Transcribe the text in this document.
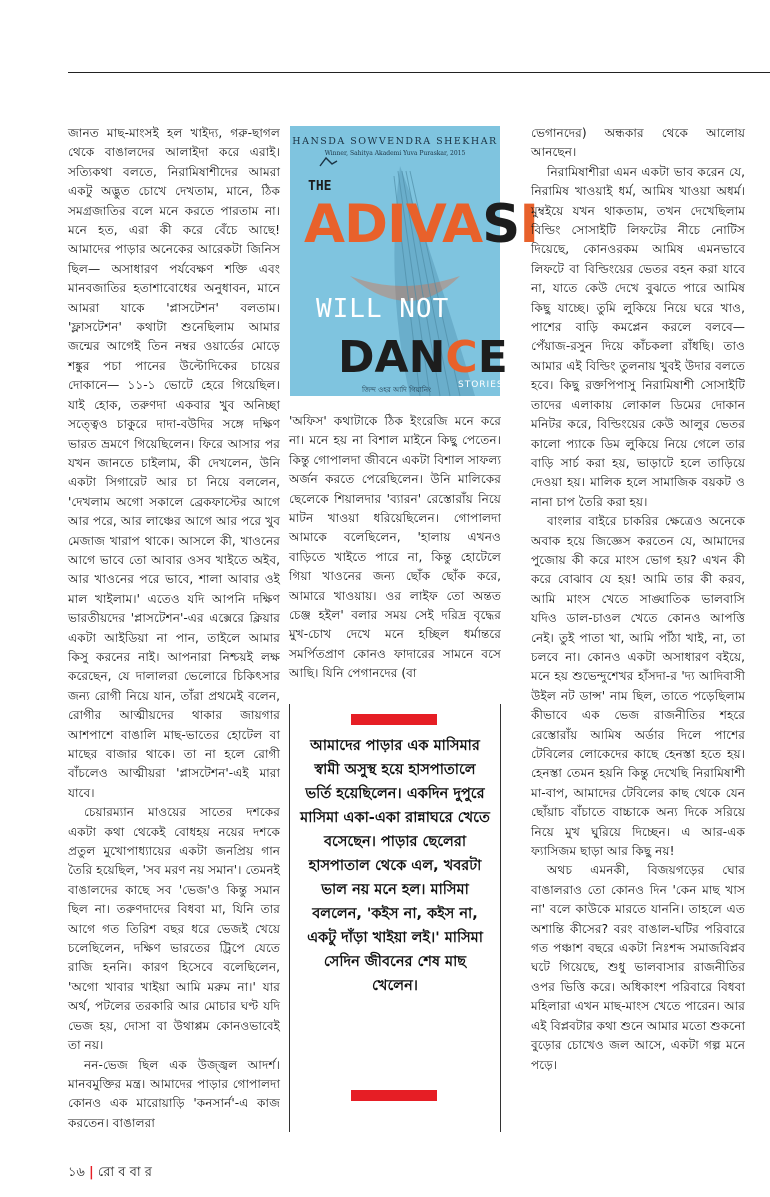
জানত মাছ-মাংসই হল খাইদ্য, গরু-ছাগল থেকে বাঙালদের আলাইদা করে এরাই। সত্যিকথা বলতে, নিরামিষাশীদের আমরা একটু অদ্ভুত চোখে দেখতাম, মানে, ঠিক সমগ্রজাতির বলে মনে করতে পারতাম না। মনে হত, এরা কী করে বেঁচে আছে! আমাদের পাড়ার অনেকের আরেকটা জিনিস ছিল— অসাধারণ পর্যবেক্ষণ শক্তি এবং মানবজাতির হতাশাবোধের অনুধাবন, মানে আমরা যাকে 'প্লাসটেশন' বলতাম। 'ফ্লাসটেশন' কথাটা শুনেছিলাম আমার জন্মের আগেই তিন নম্বর ওয়ার্ডের মোড়ে শঙ্কুর পচা পানের উল্টোদিকের চায়ের দোকানে— ১১-১ ভোটে হেরে গিয়েছিল। যাই হোক, তরুণদা একবার খুব অনিচ্ছা সত্ত্বেও চাকুরে দাদা-বউদির সঙ্গে দক্ষিণ ভারত ভ্রমণে গিয়েছিলেন। ফিরে আসার পর যখন জানতে চাইলাম, কী দেখলেন, উনি একটা সিগারেট আর চা নিয়ে বললেন, 'দেখলাম অগো সকালে ব্রেকফাস্টের আগে আর পরে, আর লাঞ্চের আগে আর পরে খুব মেজাজ খারাপ থাকে। আসলে কী, খাওনের আগে ভাবে তো আবার ওসব খাইতে অইব, আর খাওনের পরে ভাবে, শালা আবার ওই মাল খাইলাম।' এতেও যদি আপনি দক্ষিণ ভারতীয়দের 'প্লাসটেশন'-এর এক্সেরে ক্লিয়ার একটা আইডিয়া না পান, তাইলে আমার কিসু করনের নাই। আপনারা নিশ্চয়ই লক্ষ করেছেন, যে দালালরা ভেলোরে চিকিৎসার জন্য রোগী নিয়ে যান, তাঁরা প্রথমেই বলেন, রোগীর আত্মীয়দের থাকার জায়গার আশপাশে বাঙালি মাছ-ভাতের হোটেল বা মাছের বাজার থাকে। তা না হলে রোগী বাঁচলেও আত্মীয়রা 'প্লাসটেশন'-এই মারা যাবে।

চেয়ারম্যান মাওয়ের সাতের দশকের একটা কথা থেকেই বোধহয় নয়ের দশকে প্রতুল মুখোপাধ্যায়ের একটা জনপ্রিয় গান তৈরি হয়েছিল, 'সব মরণ নয় সমান'। তেমনই বাঙালদের কাছে সব 'ভেজ'ও কিন্তু সমান ছিল না। তরুণদাদের বিধবা মা, যিনি তার আগে গত তিরিশ বছর ধরে ভেজই খেয়ে চলেছিলেন, দক্ষিণ ভারতের ট্রিপে যেতে রাজি হননি। কারণ হিসেবে বলেছিলেন, 'অগো খাবার খাইয়া আমি মরুম না।' যার অর্থ, পটলের তরকারি আর মোচার ঘণ্ট যদি ভেজ হয়, দোসা বা উথাপ্পম কোনওভাবেই তা নয়।

নন-ভেজ ছিল এক উজ্জ্বল আদর্শ। মানবমুক্তির মন্ত্র। আমাদের পাড়ার গোপালদা কোনও এক মারোয়াড়ি 'কনসার্ন'-এ কাজ করতেন। বাঙালরা

HANSDA SOWVENDRA SHEKHAR
Winner, Sahitya Akademi Yuva Puraskar, 2015
THE
ADIVASI
WILL NOT
DANCE
জিন্দ ওহর আদি গিয়ানিং	STORIES

'অফিস' কথাটাকে ঠিক ইংরেজি মনে করে না। মনে হয় না বিশাল মাইনে কিছু পেতেন। কিন্তু গোপালদা জীবনে একটা বিশাল সাফল্য অর্জন করতে পেরেছিলেন। উনি মালিকের ছেলেকে শিয়ালদার 'ব্যারন' রেস্তোরাঁয় নিয়ে মাটন খাওয়া ধরিয়েছিলেন। গোপালদা আমাকে বলেছিলেন, 'হালায় এখনও বাড়িতে খাইতে পারে না, কিন্তু হোটেলে গিয়া খাওনের জন্য ছোঁক ছোঁক করে, আমারে খাওয়ায়। ওর লাইফ তো অন্তত চেঞ্জ হইল' বলার সময় সেই দরিদ্র বৃদ্ধের মুখ-চোখ দেখে মনে হচ্ছিল ধর্মান্তরে সমর্পিতপ্রাণ কোনও ফাদারের সামনে বসে আছি। যিনি পেগানদের (বা

আমাদের পাড়ার এক মাসিমার স্বামী অসুস্থ হয়ে হাসপাতালে ভর্তি হয়েছিলেন। একদিন দুপুরে মাসিমা একা-একা রান্নাঘরে খেতে বসেছেন। পাড়ার ছেলেরা হাসপাতাল থেকে এল, খবরটা ভাল নয় মনে হল। মাসিমা বললেন, 'কইস না, কইস না, একটু দাঁড়া খাইয়া লই।' মাসিমা সেদিন জীবনের শেষ মাছ খেলেন।

ভেগানদের) অন্ধকার থেকে আলোয় আনছেন।

নিরামিষাশীরা এমন একটা ভাব করেন যে, নিরামিষ খাওয়াই ধর্ম, আমিষ খাওয়া অধর্ম। মুম্বইয়ে যখন থাকতাম, তখন দেখেছিলাম বিল্ডিং সোসাইটি লিফটের নীচে নোটিস দিয়েছে, কোনওরকম আমিষ এমনভাবে লিফটে বা বিল্ডিংয়ের ভেতর বহন করা যাবে না, যাতে কেউ দেখে বুঝতে পারে আমিষ কিছু যাচ্ছে। তুমি লুকিয়ে নিয়ে ঘরে খাও, পাশের বাড়ি কমপ্লেন করলে বলবে— পেঁয়াজ-রসুন দিয়ে কাঁচকলা রাঁধছি। তাও আমার এই বিল্ডিং তুলনায় খুবই উদার বলতে হবে। কিছু রক্তপিপাসু নিরামিষাশী সোসাইটি তাদের এলাকায় লোকাল ডিমের দোকান মনিটর করে, বিল্ডিংয়ের কেউ আলুর ভেতর কালো প্যাকে ডিম লুকিয়ে নিয়ে গেলে তার বাড়ি সার্চ করা হয়, ভাড়াটে হলে তাড়িয়ে দেওয়া হয়। মালিক হলে সামাজিক বয়কট ও নানা চাপ তৈরি করা হয়।

বাংলার বাইরে চাকরির ক্ষেত্রেও অনেকে অবাক হয়ে জিজ্ঞেস করতেন যে, আমাদের পুজোয় কী করে মাংস ভোগ হয়? এখন কী করে বোঝাব যে হয়! আমি তার কী করব, আমি মাংস খেতে সাঙ্ঘাতিক ভালবাসি যদিও ডাল-চাওল খেতে কোনও আপত্তি নেই। তুই পাতা খা, আমি পাঁঠা খাই, না, তা চলবে না। কোনও একটা অসাধারণ বইয়ে, মনে হয় শুভেন্দুশেখর হাঁসদা-র 'দ্য আদিবাসী উইল নট ডান্স' নাম ছিল, তাতে পড়েছিলাম কীভাবে এক ভেজ রাজনীতির শহরে রেস্তোরাঁয় আমিষ অর্ডার দিলে পাশের টেবিলের লোকেদের কাছে হেনস্তা হতে হয়। হেনস্তা তেমন হয়নি কিন্তু দেখেছি নিরামিষাশী মা-বাপ, আমাদের টেবিলের কাছ থেকে যেন ছোঁয়াচ বাঁচাতে বাচ্চাকে অন্য দিকে সরিয়ে নিয়ে মুখ ঘুরিয়ে দিচ্ছেন। এ আর-এক ফ্যাসিজম ছাড়া আর কিছু নয়!

অথচ এমনকী, বিজয়গড়ের ঘোর বাঙালরাও তো কোনও দিন 'কেন মাছ খাস না' বলে কাউকে মারতে যাননি। তাহলে এত অশান্তি কীসের? বরং বাঙাল-ঘটির পরিবারে গত পঞ্চাশ বছরে একটা নিঃশব্দ সমাজবিপ্লব ঘটে গিয়েছে, শুধু ভালবাসার রাজনীতির ওপর ভিত্তি করে। অধিকাংশ পরিবারে বিধবা মহিলারা এখন মাছ-মাংস খেতে পারেন। আর এই বিপ্লবটার কথা শুনে আমার মতো শুকনো বুড়োর চোখেও জল আসে, একটা গল্প মনে পড়ে।

১৬ | রো ব বা র
